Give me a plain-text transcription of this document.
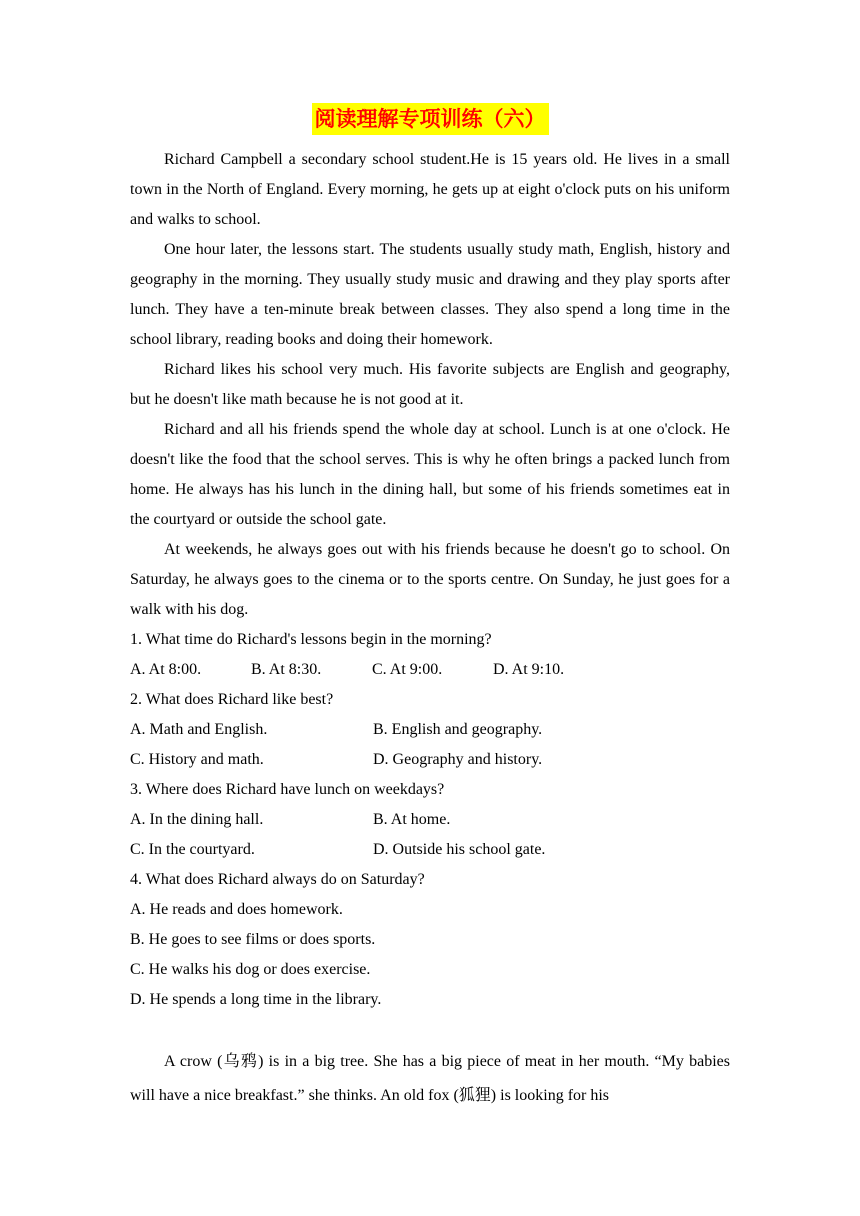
阅读理解专项训练（六）

Richard Campbell a secondary school student.He is 15 years old. He lives in a small town in the North of England. Every morning, he gets up at eight o'clock puts on his uniform and walks to school.

One hour later, the lessons start. The students usually study math, English, history and geography in the morning. They usually study music and drawing and they play sports after lunch. They have a ten-minute break between classes. They also spend a long time in the school library, reading books and doing their homework.

Richard likes his school very much. His favorite subjects are English and geography, but he doesn't like math because he is not good at it.

Richard and all his friends spend the whole day at school. Lunch is at one o'clock. He doesn't like the food that the school serves. This is why he often brings a packed lunch from home. He always has his lunch in the dining hall, but some of his friends sometimes eat in the courtyard or outside the school gate.

At weekends, he always goes out with his friends because he doesn't go to school. On Saturday, he always goes to the cinema or to the sports centre. On Sunday, he just goes for a walk with his dog.

1. What time do Richard's lessons begin in the morning?

A. At 8:00.	B. At 8:30.	C. At 9:00.	D. At 9:10.

2. What does Richard like best?

A. Math and English.	B. English and geography.
C. History and math.	D. Geography and history.

3. Where does Richard have lunch on weekdays?

A. In the dining hall.	B. At home.
C. In the courtyard.	D. Outside his school gate.

4. What does Richard always do on Saturday?

A. He reads and does homework.

B. He goes to see films or does sports.

C. He walks his dog or does exercise.

D. He spends a long time in the library.

A crow (乌鸦) is in a big tree. She has a big piece of meat in her mouth. “My babies will have a nice breakfast.” she thinks. An old fox (狐狸) is looking for his
